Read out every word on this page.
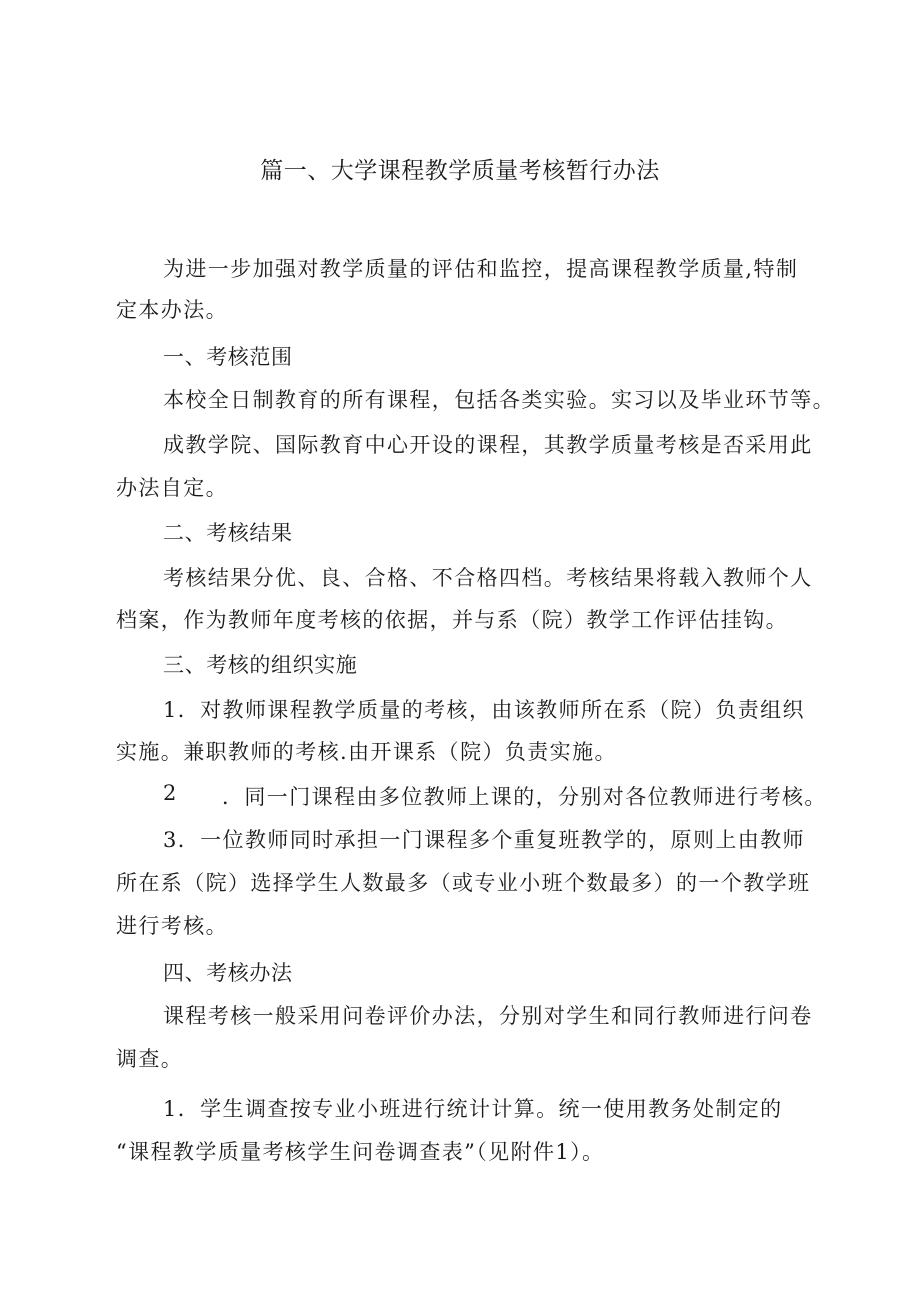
篇一、大学课程教学质量考核暂行办法
为进一步加强对教学质量的评估和监控，提高课程教学质量,特制
定本办法。
一、考核范围
本校全日制教育的所有课程，包括各类实验。实习以及毕业环节等。
成教学院、国际教育中心开设的课程，其教学质量考核是否采用此
办法自定。
二、考核结果
考核结果分优、良、合格、不合格四档。考核结果将载入教师个人
档案，作为教师年度考核的依据，并与系（院）教学工作评估挂钩。
三、考核的组织实施
1．对教师课程教学质量的考核，由该教师所在系（院）负责组织
实施。兼职教师的考核.由开课系（院）负责实施。
2 ．同一门课程由多位教师上课的，分别对各位教师进行考核。
3．一位教师同时承担一门课程多个重复班教学的，原则上由教师
所在系（院）选择学生人数最多（或专业小班个数最多）的一个教学班
进行考核。
四、考核办法
课程考核一般采用问卷评价办法，分别对学生和同行教师进行问卷
调查。
1．学生调查按专业小班进行统计计算。统一使用教务处制定的
“课程教学质量考核学生问卷调查表”（见附件1）。
